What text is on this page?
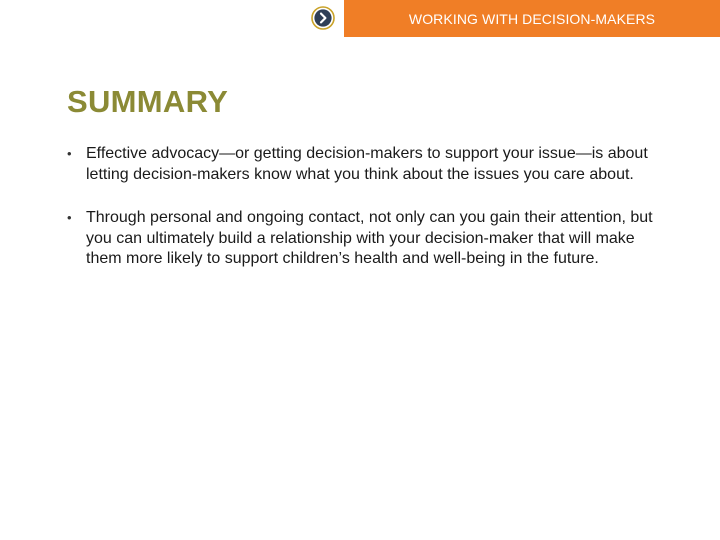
WORKING WITH DECISION-MAKERS
SUMMARY
• Effective advocacy—or getting decision-makers to support your issue—is about letting decision-makers know what you think about the issues you care about.
• Through personal and ongoing contact, not only can you gain their attention, but you can ultimately build a relationship with your decision-maker that will make them more likely to support children’s health and well-being in the future.
